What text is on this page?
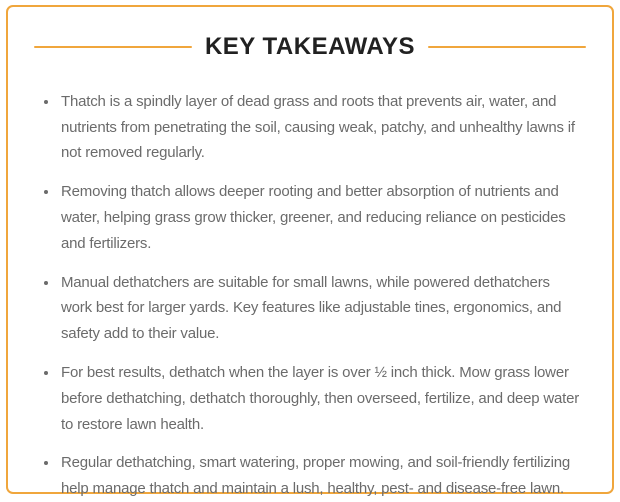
KEY TAKEAWAYS
• Thatch is a spindly layer of dead grass and roots that prevents air, water, and nutrients from penetrating the soil, causing weak, patchy, and unhealthy lawns if not removed regularly.
• Removing thatch allows deeper rooting and better absorption of nutrients and water, helping grass grow thicker, greener, and reducing reliance on pesticides and fertilizers.
• Manual dethatchers are suitable for small lawns, while powered dethatchers work best for larger yards. Key features like adjustable tines, ergonomics, and safety add to their value.
• For best results, dethatch when the layer is over ½ inch thick. Mow grass lower before dethatching, dethatch thoroughly, then overseed, fertilize, and deep water to restore lawn health.
• Regular dethatching, smart watering, proper mowing, and soil-friendly fertilizing help manage thatch and maintain a lush, healthy, pest- and disease-free lawn.
